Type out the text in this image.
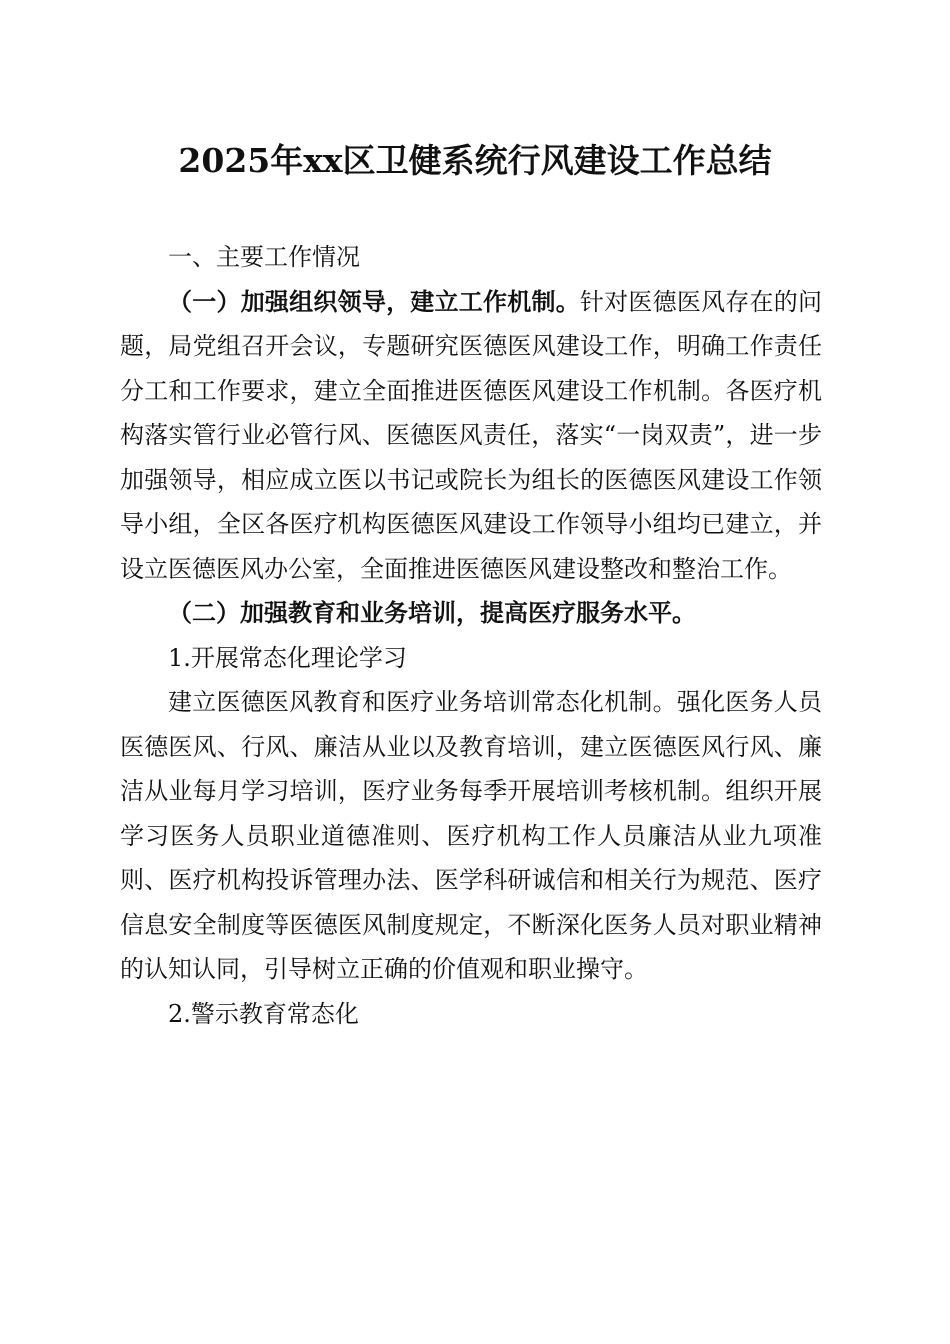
2025年xx区卫健系统行风建设工作总结

一、主要工作情况

（一）加强组织领导，建立工作机制。针对医德医风存在的问题，局党组召开会议，专题研究医德医风建设工作，明确工作责任分工和工作要求，建立全面推进医德医风建设工作机制。各医疗机构落实管行业必管行风、医德医风责任，落实“一岗双责”，进一步加强领导，相应成立医以书记或院长为组长的医德医风建设工作领导小组，全区各医疗机构医德医风建设工作领导小组均已建立，并设立医德医风办公室，全面推进医德医风建设整改和整治工作。

（二）加强教育和业务培训，提高医疗服务水平。

1.开展常态化理论学习

建立医德医风教育和医疗业务培训常态化机制。强化医务人员医德医风、行风、廉洁从业以及教育培训，建立医德医风行风、廉洁从业每月学习培训，医疗业务每季开展培训考核机制。组织开展学习医务人员职业道德准则、医疗机构工作人员廉洁从业九项准则、医疗机构投诉管理办法、医学科研诚信和相关行为规范、医疗信息安全制度等医德医风制度规定，不断深化医务人员对职业精神的认知认同，引导树立正确的价值观和职业操守。

2.警示教育常态化
